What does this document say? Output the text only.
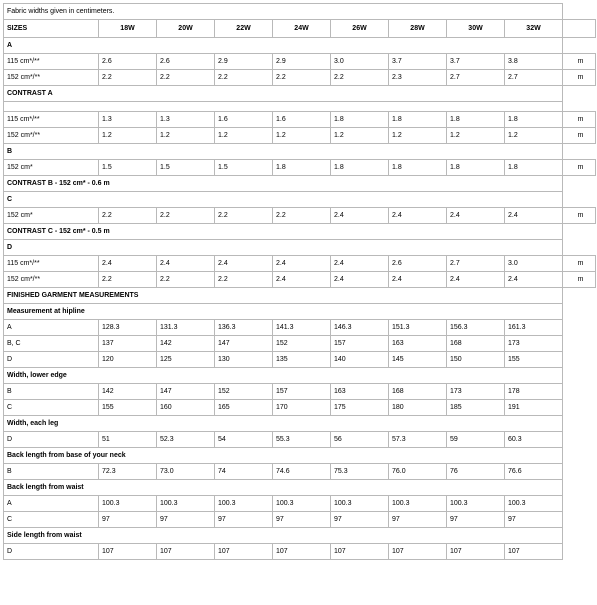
Fabric widths given in centimeters.									
SIZES	18W	20W	22W	24W	26W	28W	30W	32W	
A									
115 cm*/**	2.6	2.6	2.9	2.9	3.0	3.7	3.7	3.8	m
152 cm*/**	2.2	2.2	2.2	2.2	2.2	2.3	2.7	2.7	m
CONTRAST A									

115 cm*/**	1.3	1.3	1.6	1.6	1.8	1.8	1.8	1.8	m
152 cm*/**	1.2	1.2	1.2	1.2	1.2	1.2	1.2	1.2	m
B									
152 cm*	1.5	1.5	1.5	1.8	1.8	1.8	1.8	1.8	m
CONTRAST B - 152 cm* - 0.6 m									
C									
152 cm*	2.2	2.2	2.2	2.2	2.4	2.4	2.4	2.4	m
CONTRAST C - 152 cm* - 0.5 m									
D									
115 cm*/**	2.4	2.4	2.4	2.4	2.4	2.6	2.7	3.0	m
152 cm*/**	2.2	2.2	2.2	2.4	2.4	2.4	2.4	2.4	m
FINISHED GARMENT MEASUREMENTS									
Measurement at hipline									
A	128.3	131.3	136.3	141.3	146.3	151.3	156.3	161.3	
B, C	137	142	147	152	157	163	168	173	
D	120	125	130	135	140	145	150	155	
Width, lower edge									
B	142	147	152	157	163	168	173	178	
C	155	160	165	170	175	180	185	191	
Width, each leg									
D	51	52.3	54	55.3	56	57.3	59	60.3	
Back length from base of your neck									
B	72.3	73.0	74	74.6	75.3	76.0	76	76.6	
Back length from waist									
A	100.3	100.3	100.3	100.3	100.3	100.3	100.3	100.3	
C	97	97	97	97	97	97	97	97	
Side length from waist									
D	107	107	107	107	107	107	107	107	
